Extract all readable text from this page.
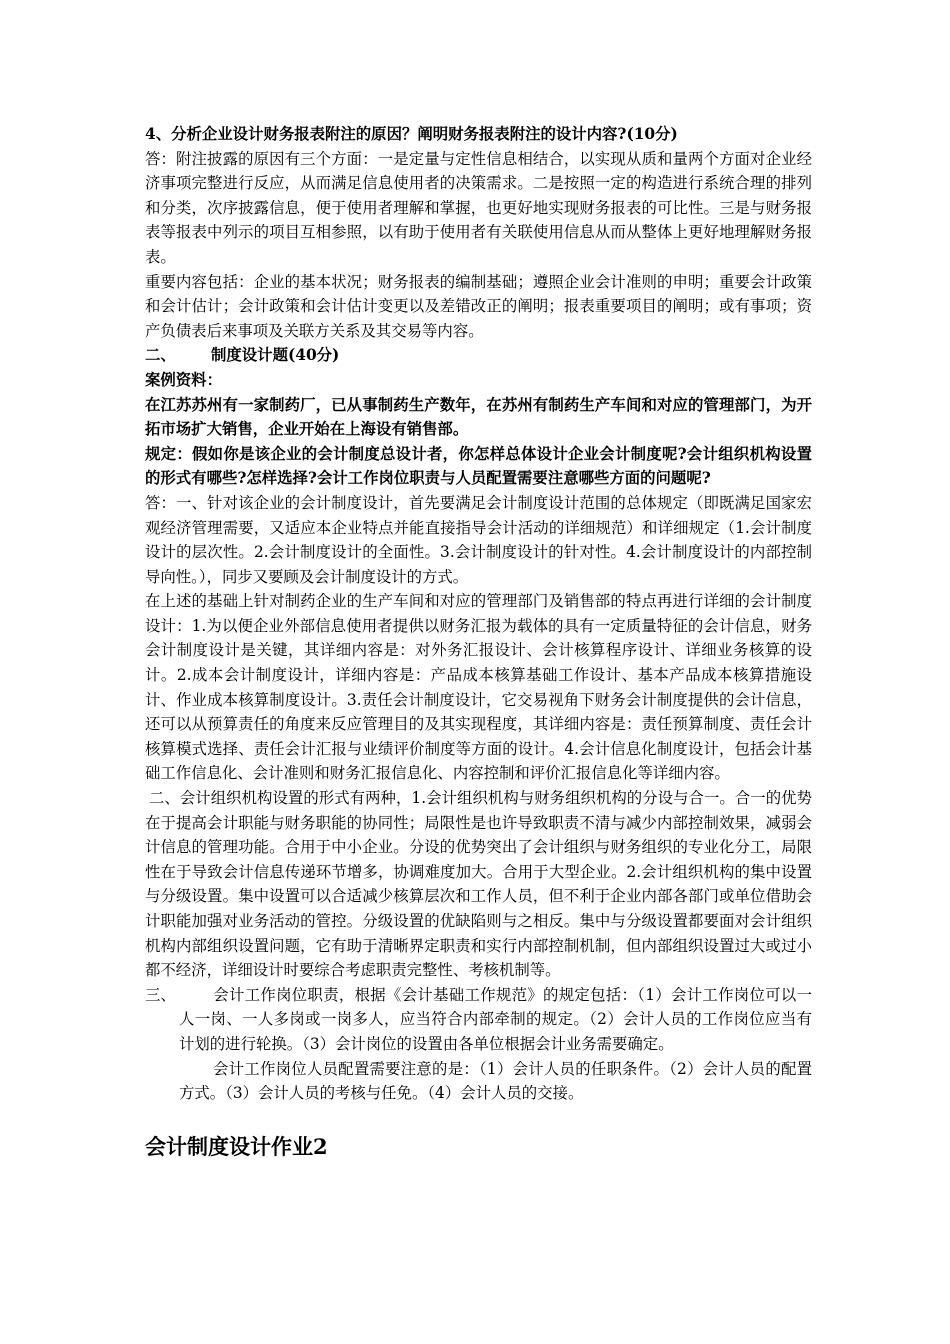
4、分析企业设计财务报表附注的原因？阐明财务报表附注的设计内容?(10分)

答：附注披露的原因有三个方面：一是定量与定性信息相结合，以实现从质和量两个方面对企业经济事项完整进行反应，从而满足信息使用者的决策需求。二是按照一定的构造进行系统合理的排列和分类，次序披露信息，便于使用者理解和掌握，也更好地实现财务报表的可比性。三是与财务报表等报表中列示的项目互相参照，以有助于使用者有关联使用信息从而从整体上更好地理解财务报表。

重要内容包括：企业的基本状况；财务报表的编制基础；遵照企业会计准则的申明；重要会计政策和会计估计；会计政策和会计估计变更以及差错改正的阐明；报表重要项目的阐明；或有事项；资产负债表后来事项及关联方关系及其交易等内容。

二、 制度设计题(40分)

案例资料：

在江苏苏州有一家制药厂，已从事制药生产数年，在苏州有制药生产车间和对应的管理部门，为开拓市场扩大销售，企业开始在上海设有销售部。

规定：假如你是该企业的会计制度总设计者，你怎样总体设计企业会计制度呢?会计组织机构设置的形式有哪些?怎样选择?会计工作岗位职责与人员配置需要注意哪些方面的问题呢?

答：一、针对该企业的会计制度设计，首先要满足会计制度设计范围的总体规定（即既满足国家宏观经济管理需要，又适应本企业特点并能直接指导会计活动的详细规范）和详细规定（1.会计制度设计的层次性。2.会计制度设计的全面性。3.会计制度设计的针对性。4.会计制度设计的内部控制导向性。），同步又要顾及会计制度设计的方式。

在上述的基础上针对制药企业的生产车间和对应的管理部门及销售部的特点再进行详细的会计制度设计：1.为以便企业外部信息使用者提供以财务汇报为载体的具有一定质量特征的会计信息，财务会计制度设计是关键，其详细内容是：对外务汇报设计、会计核算程序设计、详细业务核算的设计。2.成本会计制度设计，详细内容是：产品成本核算基础工作设计、基本产品成本核算措施设计、作业成本核算制度设计。3.责任会计制度设计，它交易视角下财务会计制度提供的会计信息，还可以从预算责任的角度来反应管理目的及其实现程度，其详细内容是：责任预算制度、责任会计核算模式选择、责任会计汇报与业绩评价制度等方面的设计。4.会计信息化制度设计，包括会计基础工作信息化、会计准则和财务汇报信息化、内容控制和评价汇报信息化等详细内容。

二、会计组织机构设置的形式有两种，1.会计组织机构与财务组织机构的分设与合一。合一的优势在于提高会计职能与财务职能的协同性；局限性是也许导致职责不清与减少内部控制效果，减弱会计信息的管理功能。合用于中小企业。分设的优势突出了会计组织与财务组织的专业化分工，局限性在于导致会计信息传递环节增多，协调难度加大。合用于大型企业。2.会计组织机构的集中设置与分级设置。集中设置可以合适减少核算层次和工作人员，但不利于企业内部各部门或单位借助会计职能加强对业务活动的管控。分级设置的优缺陷则与之相反。集中与分级设置都要面对会计组织机构内部组织设置问题，它有助于清晰界定职责和实行内部控制机制，但内部组织设置过大或过小都不经济，详细设计时要综合考虑职责完整性、考核机制等。

三、 会计工作岗位职责，根据《会计基础工作规范》的规定包括：（1）会计工作岗位可以一人一岗、一人多岗或一岗多人，应当符合内部牵制的规定。（2）会计人员的工作岗位应当有计划的进行轮换。（3）会计岗位的设置由各单位根据会计业务需要确定。

会计工作岗位人员配置需要注意的是：（1）会计人员的任职条件。（2）会计人员的配置方式。（3）会计人员的考核与任免。（4）会计人员的交接。

会计制度设计作业2
